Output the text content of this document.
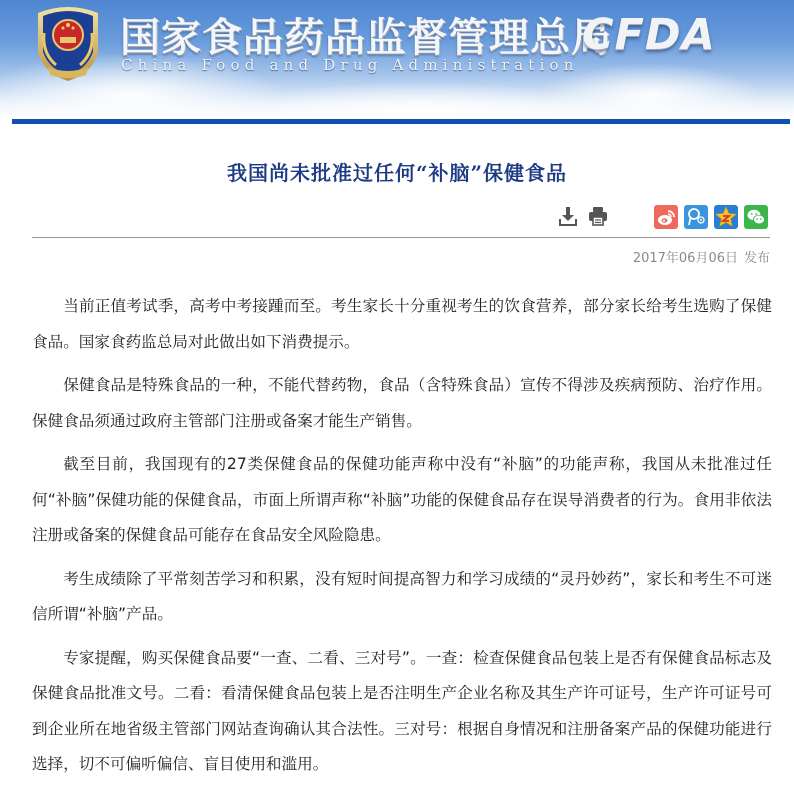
国家食品药品监督管理总局
China Food and Drug Administration
CFDA
我国尚未批准过任何“补脑”保健食品
2017年06月06日 发布

当前正值考试季，高考中考接踵而至。考生家长十分重视考生的饮食营养，部分家长给考生选购了保健食品。国家食药监总局对此做出如下消费提示。

保健食品是特殊食品的一种，不能代替药物，食品（含特殊食品）宣传不得涉及疾病预防、治疗作用。保健食品须通过政府主管部门注册或备案才能生产销售。

截至目前，我国现有的27类保健食品的保健功能声称中没有“补脑”的功能声称，我国从未批准过任何“补脑”保健功能的保健食品，市面上所谓声称“补脑”功能的保健食品存在误导消费者的行为。食用非依法注册或备案的保健食品可能存在食品安全风险隐患。

考生成绩除了平常刻苦学习和积累，没有短时间提高智力和学习成绩的“灵丹妙药”，家长和考生不可迷信所谓“补脑”产品。

专家提醒，购买保健食品要“一查、二看、三对号”。一查：检查保健食品包装上是否有保健食品标志及保健食品批准文号。二看：看清保健食品包装上是否注明生产企业名称及其生产许可证号，生产许可证号可到企业所在地省级主管部门网站查询确认其合法性。三对号：根据自身情况和注册备案产品的保健功能进行选择，切不可偏听偏信、盲目使用和滥用。
